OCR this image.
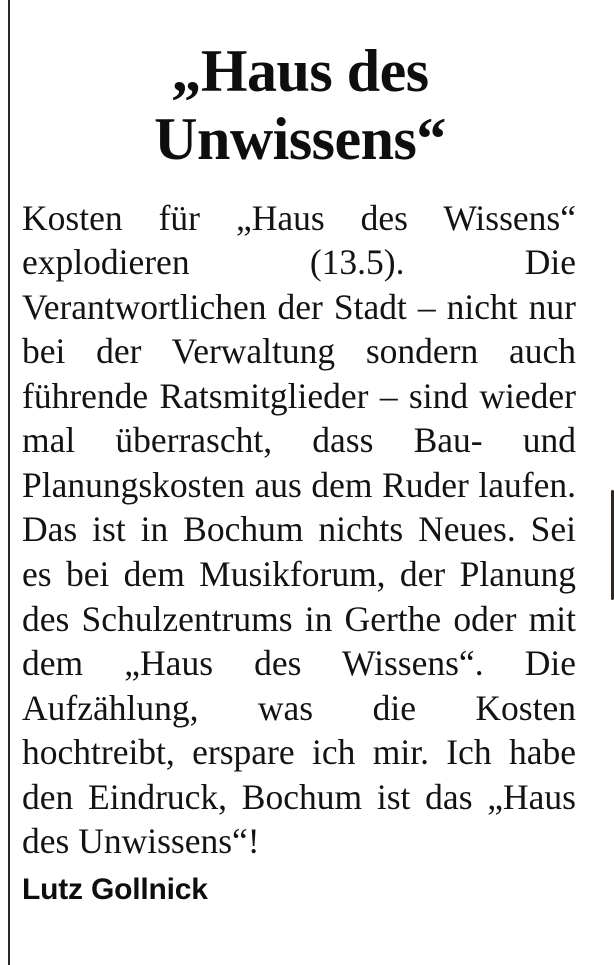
„Haus des Unwissens“

Kosten für „Haus des Wissens“ explodieren (13.5). Die Verantwortlichen der Stadt – nicht nur bei der Verwaltung sondern auch führende Ratsmitglieder – sind wieder mal überrascht, dass Bau- und Planungskosten aus dem Ruder laufen. Das ist in Bochum nichts Neues. Sei es bei dem Musikforum, der Planung des Schulzentrums in Gerthe oder mit dem „Haus des Wissens“. Die Aufzählung, was die Kosten hochtreibt, erspare ich mir. Ich habe den Eindruck, Bochum ist das „Haus des Unwissens“!

Lutz Gollnick
